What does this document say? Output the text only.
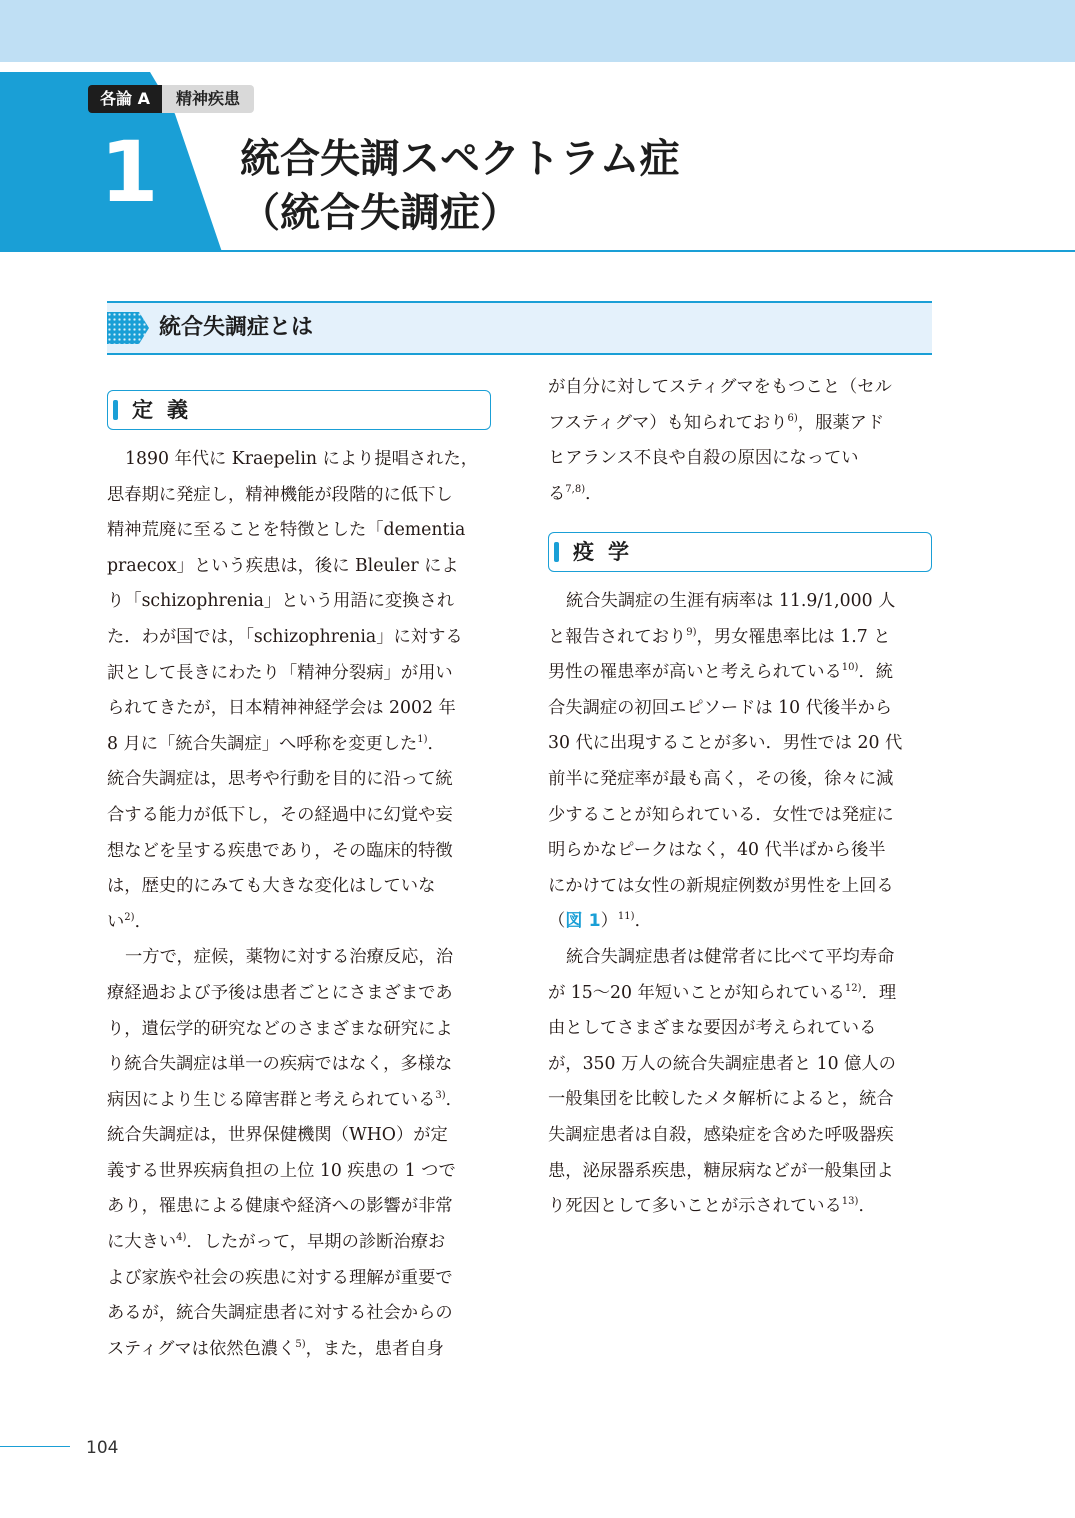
1
各論 A	精神疾患
統合失調スペクトラム症
（統合失調症）
統合失調症とは
定義
1890 年代に Kraepelin により提唱された，
思春期に発症し，精神機能が段階的に低下し
精神荒廃に至ることを特徴とした「dementia
praecox」という疾患は，後に Bleuler によ
り「schizophrenia」という用語に変換され
た．わが国では，「schizophrenia」に対する
訳として長きにわたり「精神分裂病」が用い
られてきたが，日本精神神経学会は 2002 年
8 月に「統合失調症」へ呼称を変更した$^{1)}$．
統合失調症は，思考や行動を目的に沿って統
合する能力が低下し，その経過中に幻覚や妄
想などを呈する疾患であり，その臨床的特徴
は，歴史的にみても大きな変化はしていな
い$^{2)}$．
一方で，症候，薬物に対する治療反応，治
療経過および予後は患者ごとにさまざまであ
り，遺伝学的研究などのさまざまな研究によ
り統合失調症は単一の疾病ではなく，多様な
病因により生じる障害群と考えられている$^{3)}$．
統合失調症は，世界保健機関（WHO）が定
義する世界疾病負担の上位 10 疾患の 1 つで
あり，罹患による健康や経済への影響が非常
に大きい$^{4)}$．したがって，早期の診断治療お
よび家族や社会の疾患に対する理解が重要で
あるが，統合失調症患者に対する社会からの
スティグマは依然色濃く$^{5)}$，また，患者自身
が自分に対してスティグマをもつこと（セル
フスティグマ）も知られており$^{6)}$，服薬アド
ヒアランス不良や自殺の原因になってい
る$^{7,8)}$．
疫学
統合失調症の生涯有病率は 11.9/1,000 人
と報告されており$^{9)}$，男女罹患率比は 1.7 と
男性の罹患率が高いと考えられている$^{10)}$．統
合失調症の初回エピソードは 10 代後半から
30 代に出現することが多い．男性では 20 代
前半に発症率が最も高く，その後，徐々に減
少することが知られている．女性では発症に
明らかなピークはなく，40 代半ばから後半
にかけては女性の新規症例数が男性を上回る
（図 1）$^{11)}$．
統合失調症患者は健常者に比べて平均寿命
が 15〜20 年短いことが知られている$^{12)}$．理
由としてさまざまな要因が考えられている
が，350 万人の統合失調症患者と 10 億人の
一般集団を比較したメタ解析によると，統合
失調症患者は自殺，感染症を含めた呼吸器疾
患，泌尿器系疾患，糖尿病などが一般集団よ
り死因として多いことが示されている$^{13)}$．
104
